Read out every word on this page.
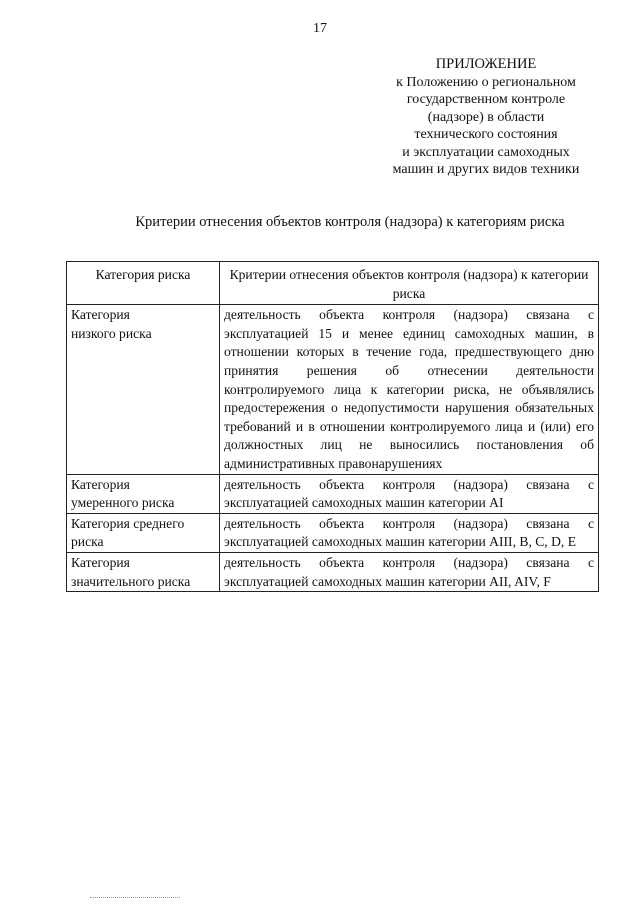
17
ПРИЛОЖЕНИЕ
к Положению о региональном
государственном контроле
(надзоре) в области
технического состояния
и эксплуатации самоходных
машин и других видов техники
Критерии отнесения объектов контроля (надзора) к категориям риска
Категория риска	Критерии отнесения объектов контроля (надзора) к категории риска
Категория
низкого риска	деятельность объекта контроля (надзора) связана с эксплуатацией 15 и менее единиц самоходных машин, в отношении которых в течение года, предшествующего дню принятия решения об отнесении деятельности контролируемого лица к категории риска, не объявлялись предостережения о недопустимости нарушения обязательных требований и в отношении контролируемого лица и (или) его должностных лиц не выносились постановления об административных правонарушениях
Категория
умеренного риска	деятельность объекта контроля (надзора) связана с эксплуатацией самоходных машин категории AI
Категория среднего
риска	деятельность объекта контроля (надзора) связана с эксплуатацией самоходных машин категории AIII, B, C, D, E
Категория
значительного риска	деятельность объекта контроля (надзора) связана с эксплуатацией самоходных машин категории AII, AIV, F
